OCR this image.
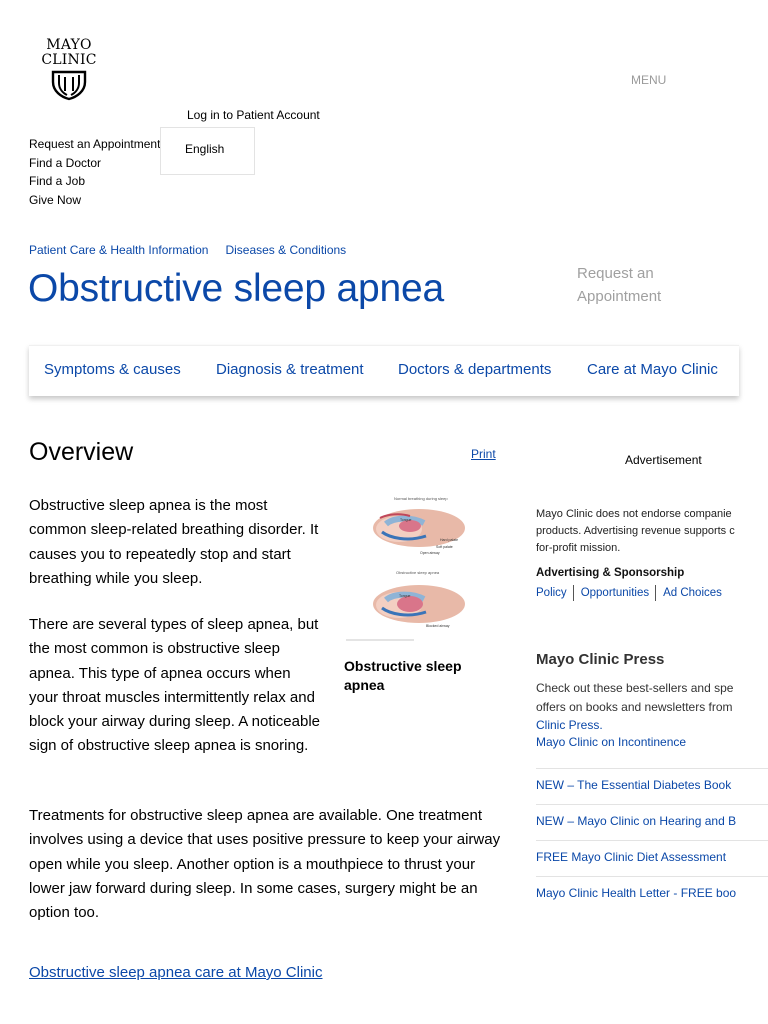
MAYO
CLINIC
MENU
Log in to Patient Account
Request an Appointment
Find a Doctor
Find a Job
Give Now
English
Patient Care & Health Information Diseases & Conditions
Obstructive sleep apnea	Request an
Appointment
Symptoms & causes Diagnosis & treatment Doctors & departments Care at Mayo Clinic
Overview	Print

Obstructive sleep apnea is the most common sleep-related breathing disorder. It causes you to repeatedly stop and start breathing while you sleep.

There are several types of sleep apnea, but the most common is obstructive sleep apnea. This type of apnea occurs when your throat muscles intermittently relax and block your airway during sleep. A noticeable sign of obstructive sleep apnea is snoring.

Treatments for obstructive sleep apnea are available. One treatment involves using a device that uses positive pressure to keep your airway open while you sleep. Another option is a mouthpiece to thrust your lower jaw forward during sleep. In some cases, surgery might be an option too.

Normal breathing during sleep
Tongue
Hard palate
Soft palate
Open airway
Obstructive sleep apnea
Tongue
Blocked airway
Obstructive sleep apnea
Obstructive sleep apnea care at Mayo Clinic
Advertisement
Mayo Clinic does not endorse companie
products. Advertising revenue supports c
for-profit mission.
Advertising & Sponsorship
Policy Opportunities Ad Choices
Mayo Clinic Press
Check out these best-sellers and spe
offers on books and newsletters from
Clinic Press.
Mayo Clinic on Incontinence
NEW – The Essential Diabetes Book
NEW – Mayo Clinic on Hearing and B
FREE Mayo Clinic Diet Assessment
Mayo Clinic Health Letter - FREE boo
